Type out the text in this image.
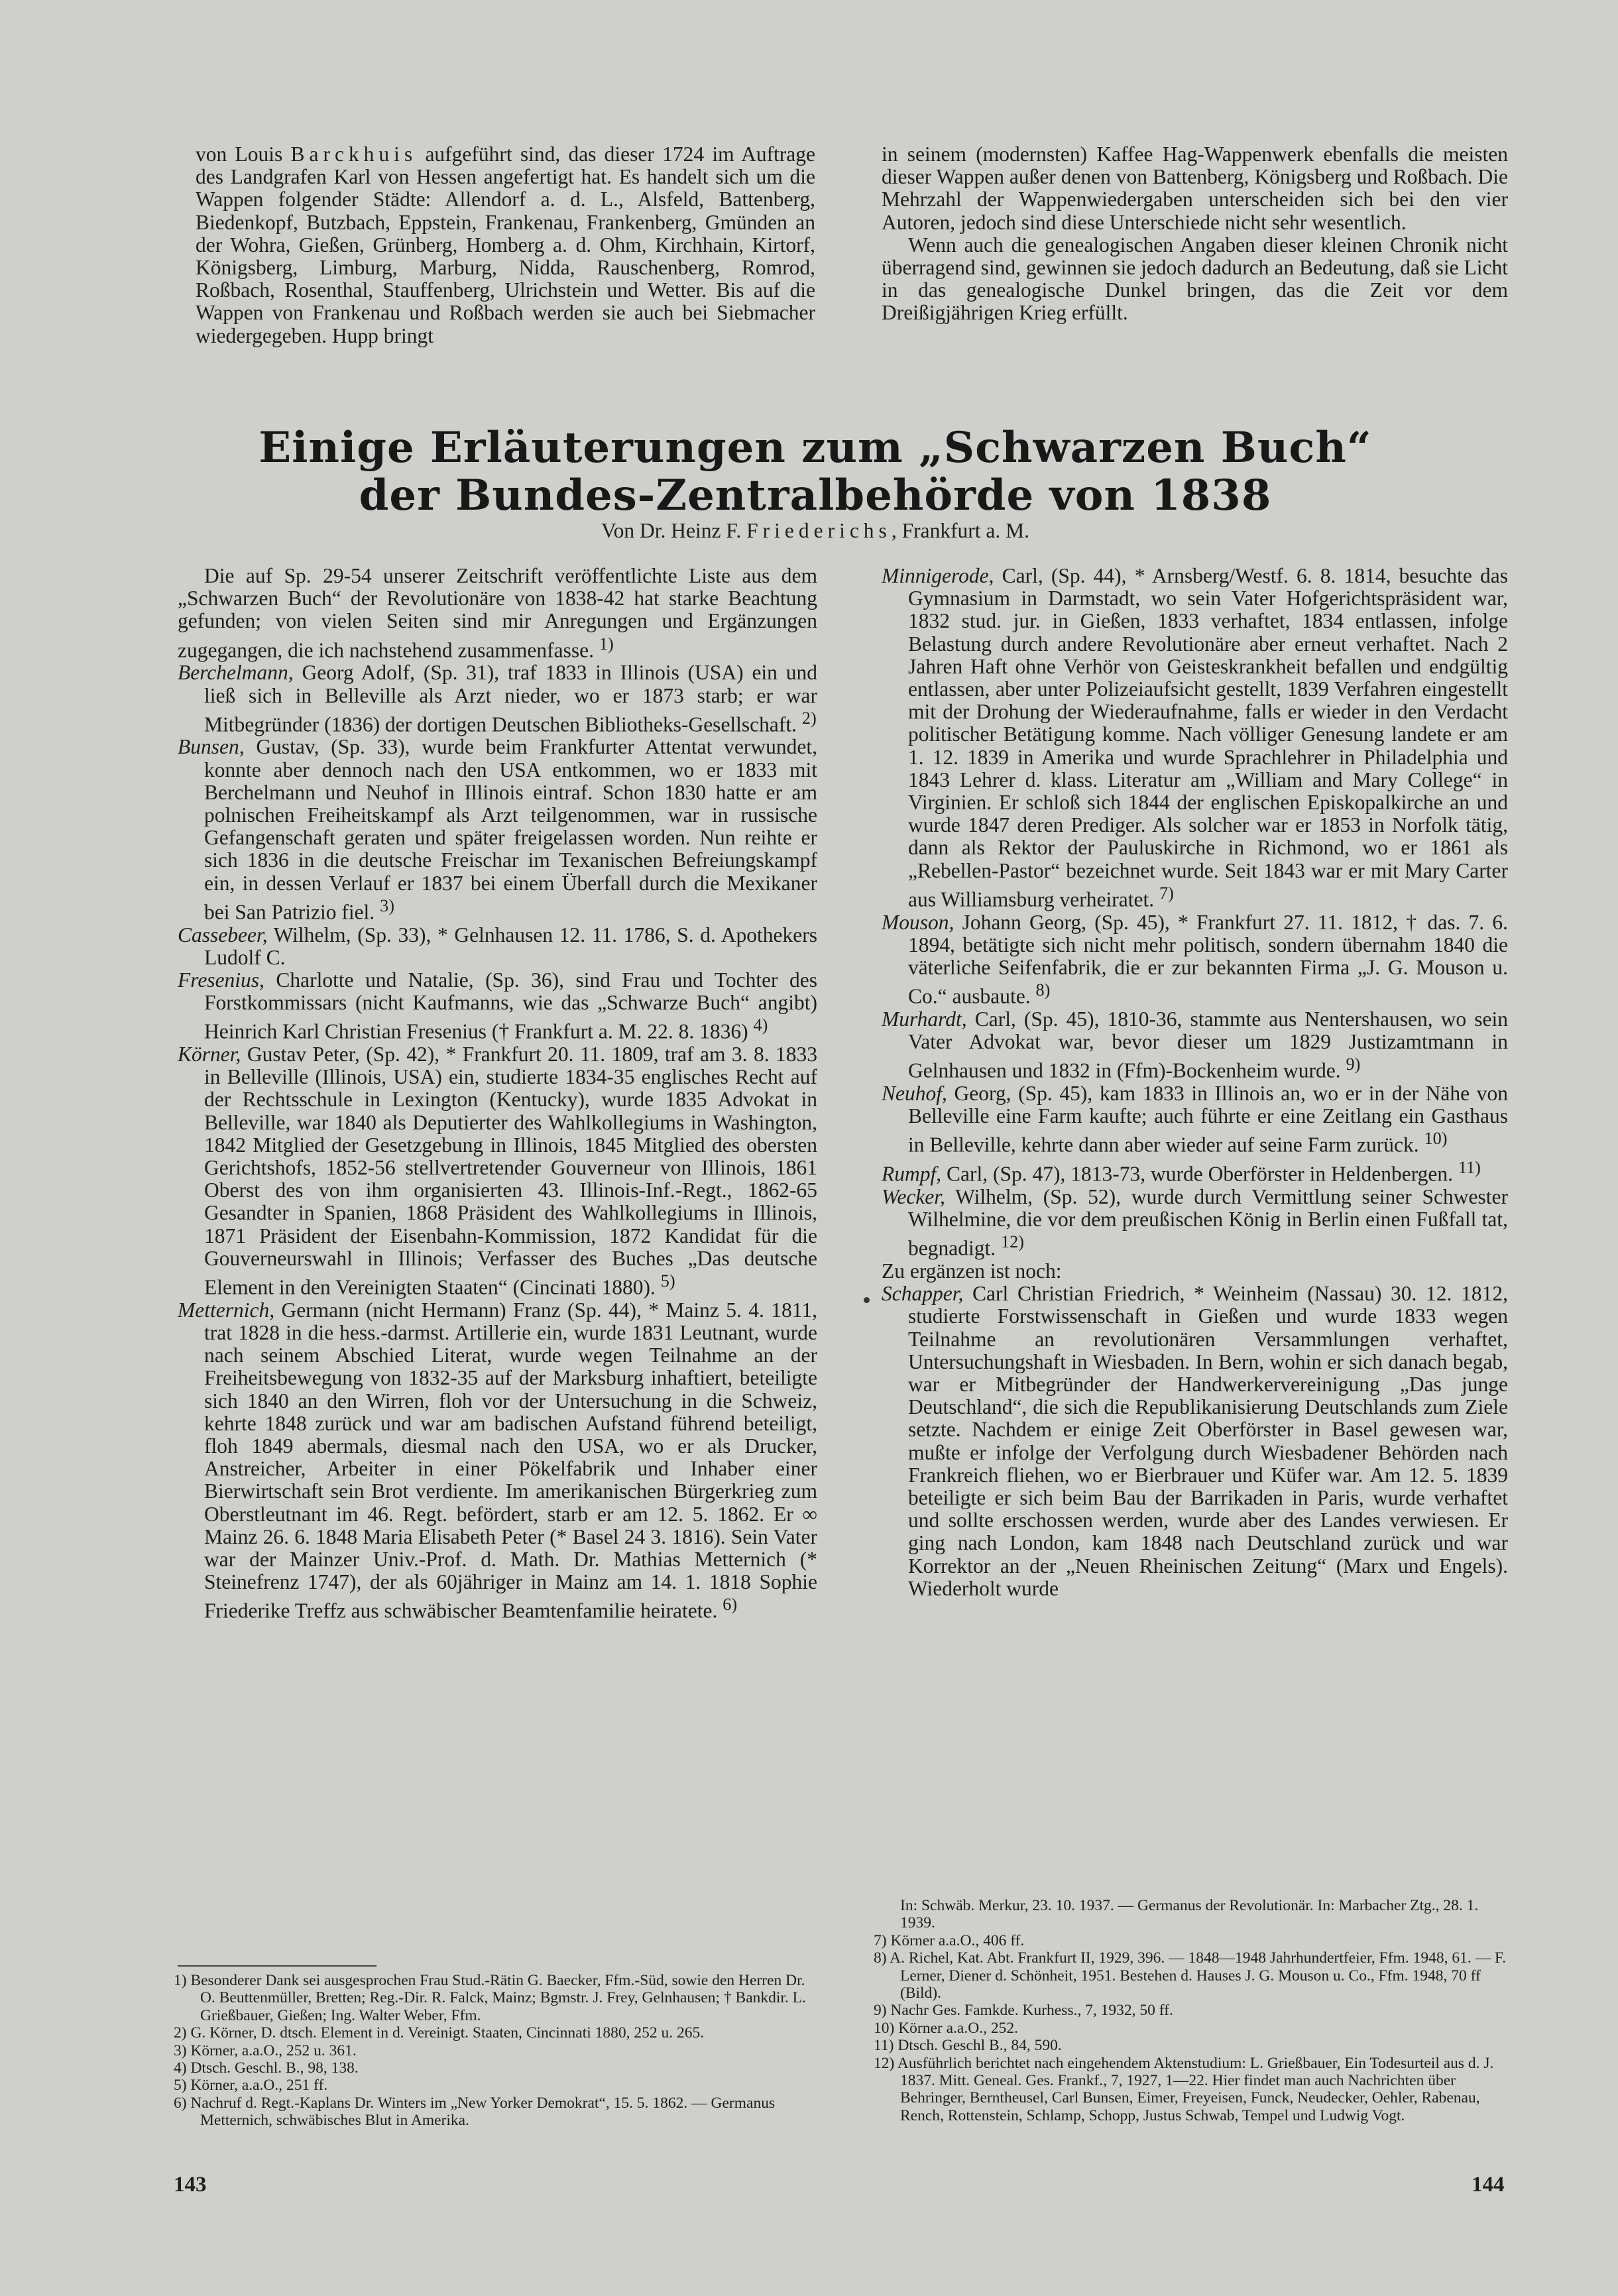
von Louis Barckhuis aufgeführt sind, das dieser 1724 im Auftrage des Landgrafen Karl von Hessen angefertigt hat. Es handelt sich um die Wappen folgender Städte: Allendorf a. d. L., Alsfeld, Battenberg, Biedenkopf, Butzbach, Eppstein, Frankenau, Frankenberg, Gmünden an der Wohra, Gießen, Grünberg, Homberg a. d. Ohm, Kirchhain, Kirtorf, Königsberg, Limburg, Marburg, Nidda, Rauschenberg, Romrod, Roßbach, Rosenthal, Stauffenberg, Ulrichstein und Wetter. Bis auf die Wappen von Frankenau und Roßbach werden sie auch bei Siebmacher wiedergegeben. Hupp bringt

in seinem (modernsten) Kaffee Hag-Wappenwerk ebenfalls die meisten dieser Wappen außer denen von Battenberg, Königsberg und Roßbach. Die Mehrzahl der Wappenwiedergaben unterscheiden sich bei den vier Autoren, jedoch sind diese Unterschiede nicht sehr wesentlich.

Wenn auch die genealogischen Angaben dieser kleinen Chronik nicht überragend sind, gewinnen sie jedoch dadurch an Bedeutung, daß sie Licht in das genealogische Dunkel bringen, das die Zeit vor dem Dreißigjährigen Krieg erfüllt.

Einige Erläuterungen zum „Schwarzen Buch“
der Bundes-Zentralbehörde von 1838
Von Dr. Heinz F. Friederichs, Frankfurt a. M.

Die auf Sp. 29-54 unserer Zeitschrift veröffentlichte Liste aus dem „Schwarzen Buch“ der Revolutionäre von 1838-42 hat starke Beachtung gefunden; von vielen Seiten sind mir Anregungen und Ergänzungen zugegangen, die ich nachstehend zusammenfasse. $^{1)}$

Berchelmann, Georg Adolf, (Sp. 31), traf 1833 in Illinois (USA) ein und ließ sich in Belleville als Arzt nieder, wo er 1873 starb; er war Mitbegründer (1836) der dortigen Deutschen Bibliotheks-Gesellschaft. $^{2)}$

Bunsen, Gustav, (Sp. 33), wurde beim Frankfurter Attentat verwundet, konnte aber dennoch nach den USA entkommen, wo er 1833 mit Berchelmann und Neuhof in Illinois eintraf. Schon 1830 hatte er am polnischen Freiheitskampf als Arzt teilgenommen, war in russische Gefangenschaft geraten und später freigelassen worden. Nun reihte er sich 1836 in die deutsche Freischar im Texanischen Befreiungskampf ein, in dessen Verlauf er 1837 bei einem Überfall durch die Mexikaner bei San Patrizio fiel. $^{3)}$

Cassebeer, Wilhelm, (Sp. 33), * Gelnhausen 12. 11. 1786, S. d. Apothekers Ludolf C.

Fresenius, Charlotte und Natalie, (Sp. 36), sind Frau und Tochter des Forstkommissars (nicht Kaufmanns, wie das „Schwarze Buch“ angibt) Heinrich Karl Christian Fresenius († Frankfurt a. M. 22. 8. 1836) $^{4)}$

Körner, Gustav Peter, (Sp. 42), * Frankfurt 20. 11. 1809, traf am 3. 8. 1833 in Belleville (Illinois, USA) ein, studierte 1834-35 englisches Recht auf der Rechtsschule in Lexington (Kentucky), wurde 1835 Advokat in Belleville, war 1840 als Deputierter des Wahlkollegiums in Washington, 1842 Mitglied der Gesetzgebung in Illinois, 1845 Mitglied des obersten Gerichtshofs, 1852-56 stellvertretender Gouverneur von Illinois, 1861 Oberst des von ihm organisierten 43. Illinois-Inf.-Regt., 1862-65 Gesandter in Spanien, 1868 Präsident des Wahlkollegiums in Illinois, 1871 Präsident der Eisenbahn-Kommission, 1872 Kandidat für die Gouverneurswahl in Illinois; Verfasser des Buches „Das deutsche Element in den Vereinigten Staaten“ (Cincinati 1880). $^{5)}$

Metternich, Germann (nicht Hermann) Franz (Sp. 44), * Mainz 5. 4. 1811, trat 1828 in die hess.-darmst. Artillerie ein, wurde 1831 Leutnant, wurde nach seinem Abschied Literat, wurde wegen Teilnahme an der Freiheitsbewegung von 1832-35 auf der Marksburg inhaftiert, beteiligte sich 1840 an den Wirren, floh vor der Untersuchung in die Schweiz, kehrte 1848 zurück und war am badischen Aufstand führend beteiligt, floh 1849 abermals, diesmal nach den USA, wo er als Drucker, Anstreicher, Arbeiter in einer Pökelfabrik und Inhaber einer Bierwirtschaft sein Brot verdiente. Im amerikanischen Bürgerkrieg zum Oberstleutnant im 46. Regt. befördert, starb er am 12. 5. 1862. Er ∞ Mainz 26. 6. 1848 Maria Elisabeth Peter (* Basel 24 3. 1816). Sein Vater war der Mainzer Univ.-Prof. d. Math. Dr. Mathias Metternich (* Steinefrenz 1747), der als 60jähriger in Mainz am 14. 1. 1818 Sophie Friederike Treffz aus schwäbischer Beamtenfamilie heiratete. $^{6)}$

Minnigerode, Carl, (Sp. 44), * Arnsberg/Westf. 6. 8. 1814, besuchte das Gymnasium in Darmstadt, wo sein Vater Hofgerichtspräsident war, 1832 stud. jur. in Gießen, 1833 verhaftet, 1834 entlassen, infolge Belastung durch andere Revolutionäre aber erneut verhaftet. Nach 2 Jahren Haft ohne Verhör von Geisteskrankheit befallen und endgültig entlassen, aber unter Polizeiaufsicht gestellt, 1839 Verfahren eingestellt mit der Drohung der Wiederaufnahme, falls er wieder in den Verdacht politischer Betätigung komme. Nach völliger Genesung landete er am 1. 12. 1839 in Amerika und wurde Sprachlehrer in Philadelphia und 1843 Lehrer d. klass. Literatur am „William and Mary College“ in Virginien. Er schloß sich 1844 der englischen Episkopalkirche an und wurde 1847 deren Prediger. Als solcher war er 1853 in Norfolk tätig, dann als Rektor der Pauluskirche in Richmond, wo er 1861 als „Rebellen-Pastor“ bezeichnet wurde. Seit 1843 war er mit Mary Carter aus Williamsburg verheiratet. $^{7)}$

Mouson, Johann Georg, (Sp. 45), * Frankfurt 27. 11. 1812, † das. 7. 6. 1894, betätigte sich nicht mehr politisch, sondern übernahm 1840 die väterliche Seifenfabrik, die er zur bekannten Firma „J. G. Mouson u. Co.“ ausbaute. $^{8)}$

Murhardt, Carl, (Sp. 45), 1810-36, stammte aus Nentershausen, wo sein Vater Advokat war, bevor dieser um 1829 Justizamtmann in Gelnhausen und 1832 in (Ffm)-Bockenheim wurde. $^{9)}$

Neuhof, Georg, (Sp. 45), kam 1833 in Illinois an, wo er in der Nähe von Belleville eine Farm kaufte; auch führte er eine Zeitlang ein Gasthaus in Belleville, kehrte dann aber wieder auf seine Farm zurück. $^{10)}$

Rumpf, Carl, (Sp. 47), 1813-73, wurde Oberförster in Heldenbergen. $^{11)}$

Wecker, Wilhelm, (Sp. 52), wurde durch Vermittlung seiner Schwester Wilhelmine, die vor dem preußischen König in Berlin einen Fußfall tat, begnadigt. $^{12)}$

Zu ergänzen ist noch:

Schapper, Carl Christian Friedrich, * Weinheim (Nassau) 30. 12. 1812, studierte Forstwissenschaft in Gießen und wurde 1833 wegen Teilnahme an revolutionären Versammlungen verhaftet, Untersuchungshaft in Wiesbaden. In Bern, wohin er sich danach begab, war er Mitbegründer der Handwerkervereinigung „Das junge Deutschland“, die sich die Republikanisierung Deutschlands zum Ziele setzte. Nachdem er einige Zeit Oberförster in Basel gewesen war, mußte er infolge der Verfolgung durch Wiesbadener Behörden nach Frankreich fliehen, wo er Bierbrauer und Küfer war. Am 12. 5. 1839 beteiligte er sich beim Bau der Barrikaden in Paris, wurde verhaftet und sollte erschossen werden, wurde aber des Landes verwiesen. Er ging nach London, kam 1848 nach Deutschland zurück und war Korrektor an der „Neuen Rheinischen Zeitung“ (Marx und Engels). Wiederholt wurde

1) Besonderer Dank sei ausgesprochen Frau Stud.-Rätin G. Baecker, Ffm.-Süd, sowie den Herren Dr. O. Beuttenmüller, Bretten; Reg.-Dir. R. Falck, Mainz; Bgmstr. J. Frey, Gelnhausen; † Bankdir. L. Grießbauer, Gießen; Ing. Walter Weber, Ffm.

2) G. Körner, D. dtsch. Element in d. Vereinigt. Staaten, Cincinnati 1880, 252 u. 265.

3) Körner, a.a.O., 252 u. 361.

4) Dtsch. Geschl. B., 98, 138.

5) Körner, a.a.O., 251 ff.

6) Nachruf d. Regt.-Kaplans Dr. Winters im „New Yorker Demokrat“, 15. 5. 1862. — Germanus Metternich, schwäbisches Blut in Amerika.

In: Schwäb. Merkur, 23. 10. 1937. — Germanus der Revolutionär. In: Marbacher Ztg., 28. 1. 1939.

7) Körner a.a.O., 406 ff.

8) A. Richel, Kat. Abt. Frankfurt II, 1929, 396. — 1848—1948 Jahrhundertfeier, Ffm. 1948, 61. — F. Lerner, Diener d. Schönheit, 1951. Bestehen d. Hauses J. G. Mouson u. Co., Ffm. 1948, 70 ff (Bild).

9) Nachr Ges. Famkde. Kurhess., 7, 1932, 50 ff.

10) Körner a.a.O., 252.

11) Dtsch. Geschl B., 84, 590.

12) Ausführlich berichtet nach eingehendem Aktenstudium: L. Grießbauer, Ein Todesurteil aus d. J. 1837. Mitt. Geneal. Ges. Frankf., 7, 1927, 1—22. Hier findet man auch Nachrichten über Behringer, Berntheusel, Carl Bunsen, Eimer, Freyeisen, Funck, Neudecker, Oehler, Rabenau, Rench, Rottenstein, Schlamp, Schopp, Justus Schwab, Tempel und Ludwig Vogt.

143	144
